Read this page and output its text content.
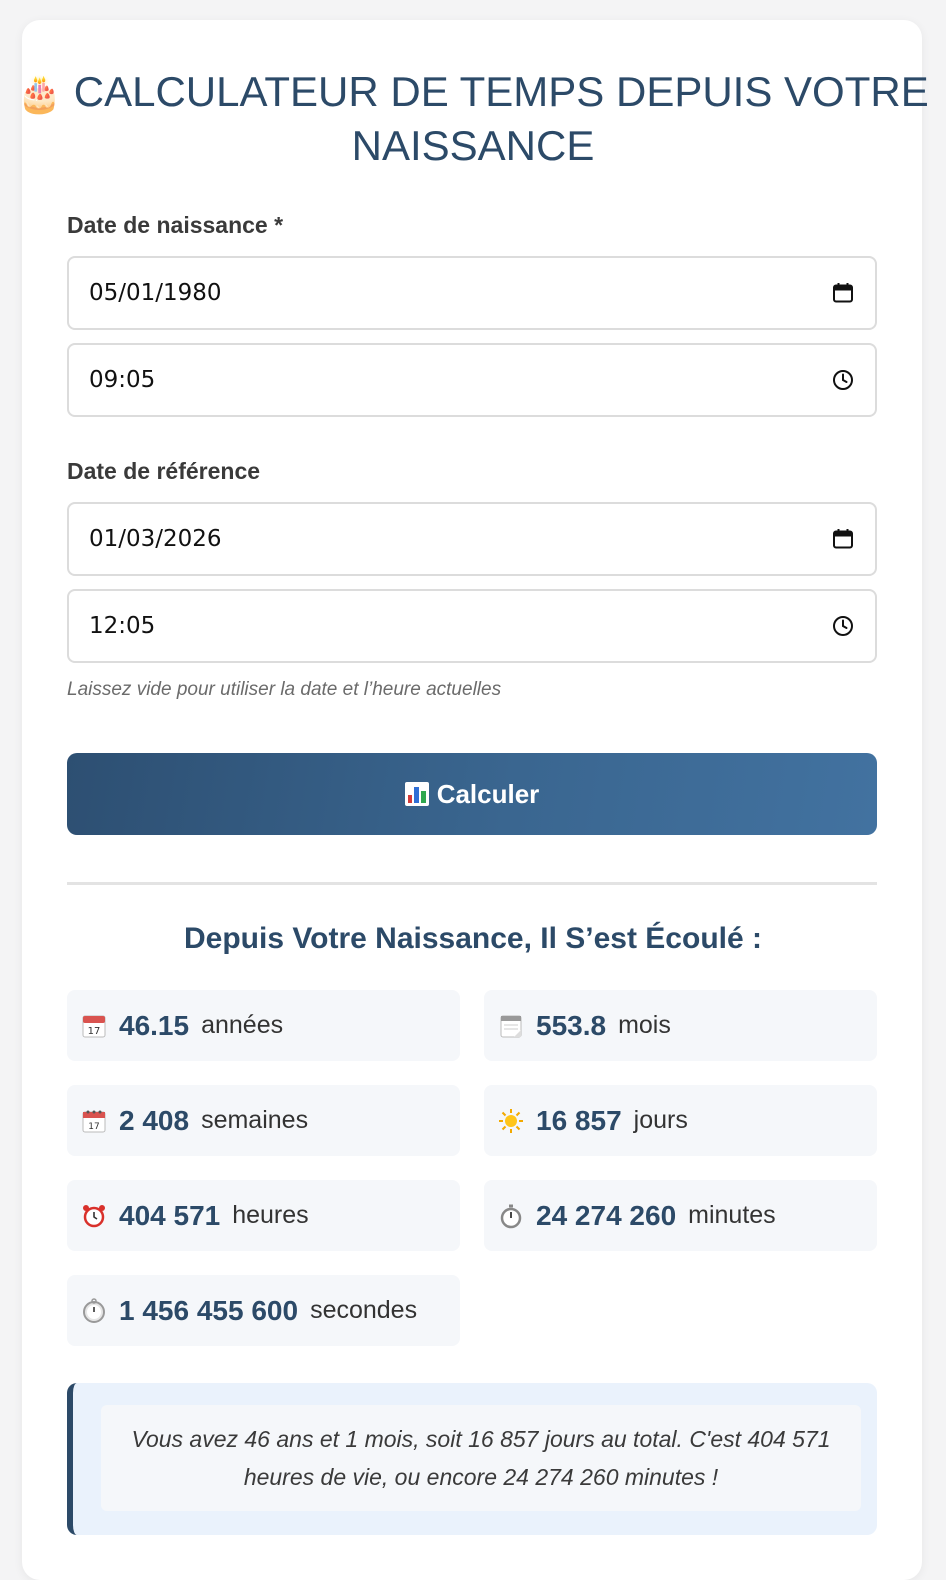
🎂 CALCULATEUR DE TEMPS DEPUIS VOTRE NAISSANCE
Date de naissance *
05/01/1980
09:05
Date de référence
01/03/2026
12:05
Laissez vide pour utiliser la date et l’heure actuelles
Calculer
Depuis Votre Naissance, Il S’est Écoulé :
17 46.15 années	553.8 mois
17 2 408 semaines	16 857 jours
404 571 heures	24 274 260 minutes
1 456 455 600 secondes
Vous avez 46 ans et 1 mois, soit 16 857 jours au total. C'est 404 571 heures de vie, ou encore 24 274 260 minutes !
